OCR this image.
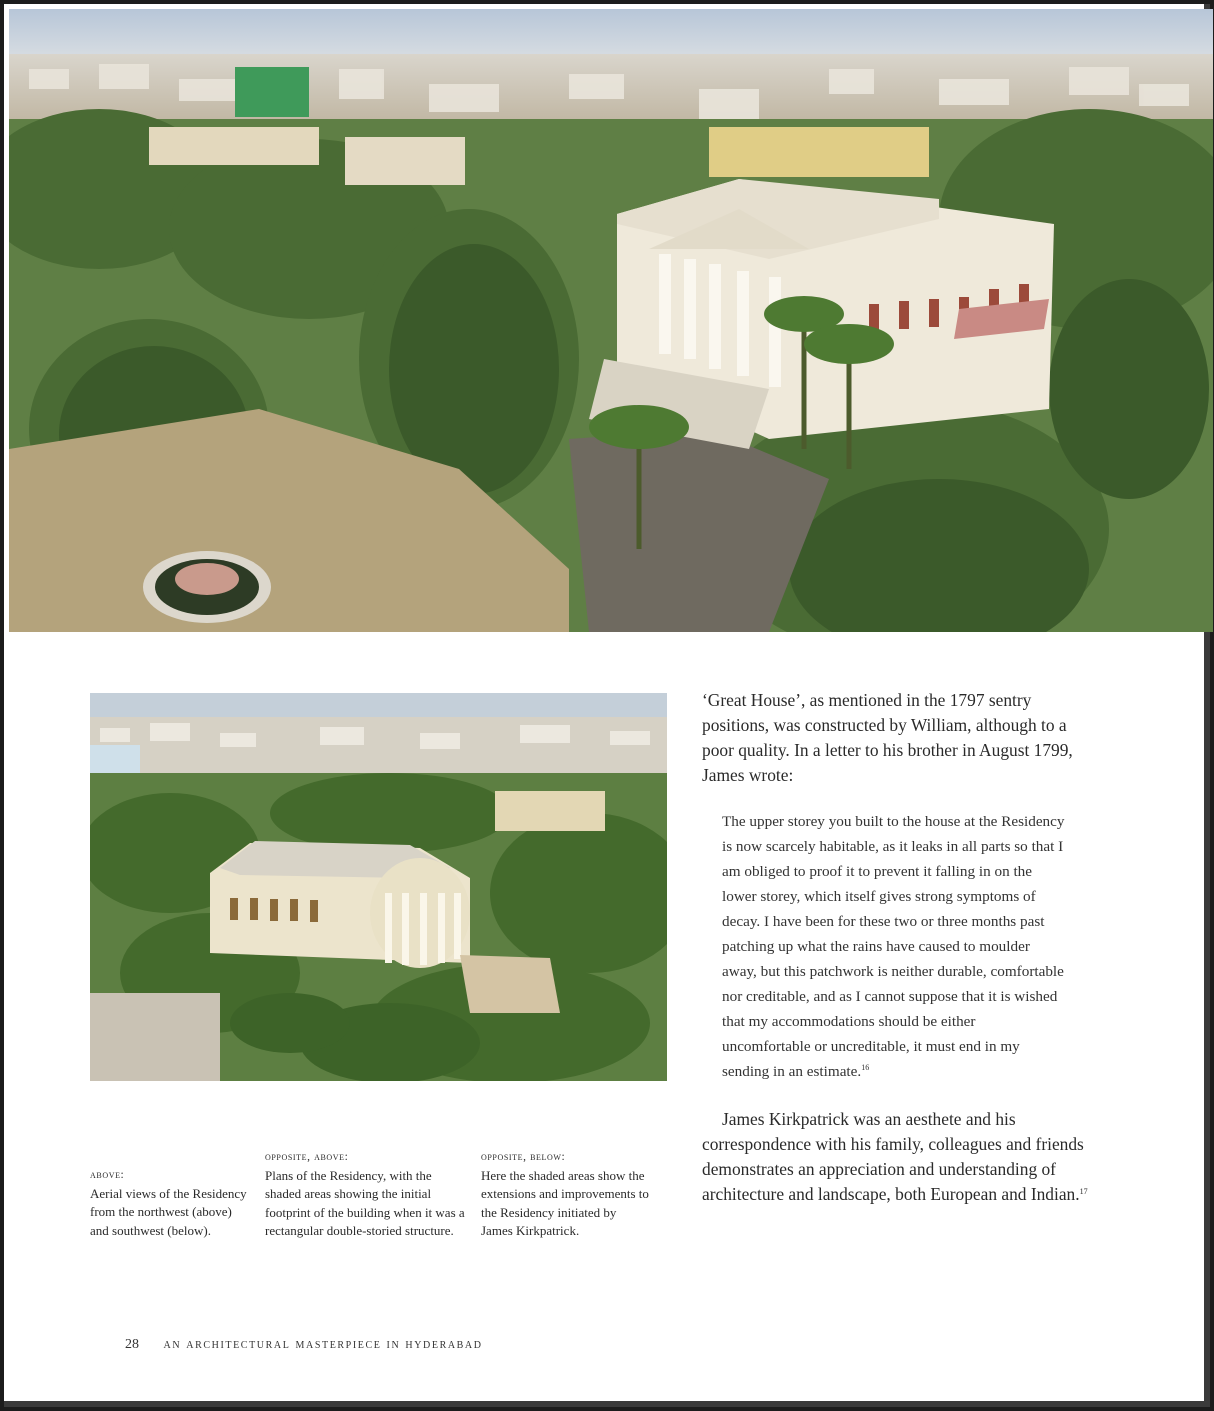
‘Great House’, as mentioned in the 1797 sentry positions, was constructed by William, although to a poor quality. In a letter to his brother in August 1799, James wrote:

The upper storey you built to the house at the Residency is now scarcely habitable, as it leaks in all parts so that I am obliged to proof it to prevent it falling in on the lower storey, which itself gives strong symptoms of decay. I have been for these two or three months past patching up what the rains have caused to moulder away, but this patchwork is neither durable, comfortable nor creditable, and as I cannot suppose that it is wished that my accommodations should be either uncomfortable or uncreditable, it must end in my sending in an estimate.$^{16}$

James Kirkpatrick was an aesthete and his correspondence with his family, colleagues and friends demonstrates an appreciation and understanding of architecture and landscape, both European and Indian.$^{17}$

above:
Aerial views of the Residency from the northwest (above) and southwest (below).
opposite, above:
Plans of the Residency, with the shaded areas showing the initial footprint of the building when it was a rectangular double-storied structure.
opposite, below:
Here the shaded areas show the extensions and improvements to the Residency initiated by James Kirkpatrick.
28 an architectural masterpiece in hyderabad
